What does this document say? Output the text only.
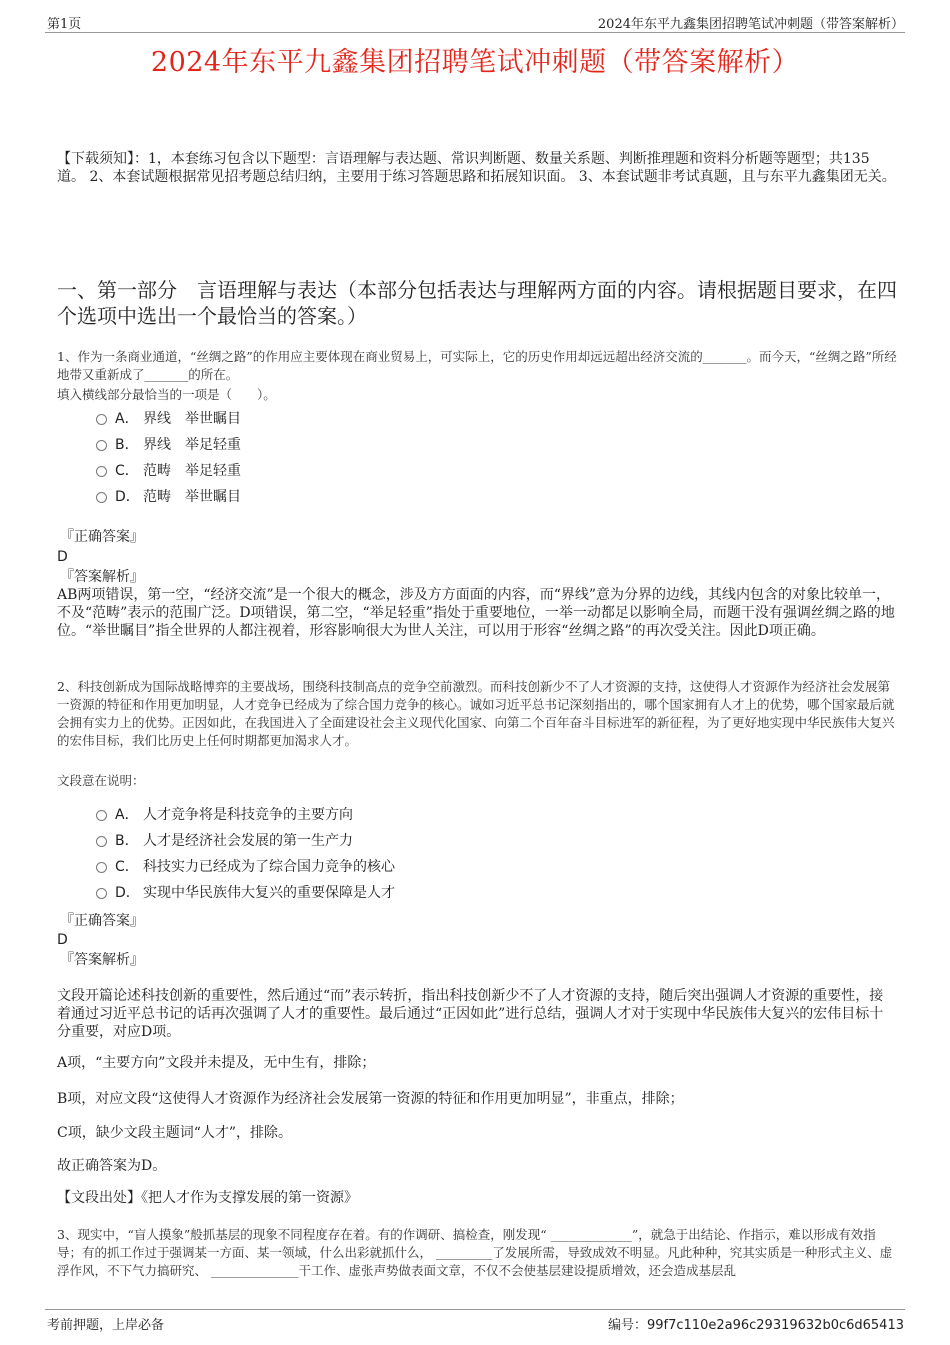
第1页	2024年东平九鑫集团招聘笔试冲刺题（带答案解析）
2024年东平九鑫集团招聘笔试冲刺题（带答案解析）
【下载须知】：1，本套练习包含以下题型：言语理解与表达题、常识判断题、数量关系题、判断推理题和资料分析题等题型；共135道。 2、本套试题根据常见招考题总结归纳，主要用于练习答题思路和拓展知识面。 3、本套试题非考试真题，且与东平九鑫集团无关。
一、第一部分　言语理解与表达（本部分包括表达与理解两方面的内容。请根据题目要求，在四个选项中选出一个最恰当的答案。）
1、作为一条商业通道，“丝绸之路”的作用应主要体现在商业贸易上，可实际上，它的历史作用却远远超出经济交流的_______。而今天，“丝绸之路”所经地带又重新成了_______的所在。
填入横线部分最恰当的一项是（　　）。
A． 界线　举世瞩目
B． 界线　举足轻重
C． 范畴　举足轻重
D． 范畴　举世瞩目
『正确答案』
D
『答案解析』
AB两项错误，第一空，“经济交流”是一个很大的概念，涉及方方面面的内容，而“界线”意为分界的边线，其线内包含的对象比较单一，不及“范畴”表示的范围广泛。D项错误，第二空，“举足轻重”指处于重要地位，一举一动都足以影响全局，而题干没有强调丝绸之路的地位。“举世瞩目”指全世界的人都注视着，形容影响很大为世人关注，可以用于形容“丝绸之路”的再次受关注。因此D项正确。
2、科技创新成为国际战略博弈的主要战场，围绕科技制高点的竞争空前激烈。而科技创新少不了人才资源的支持，这使得人才资源作为经济社会发展第一资源的特征和作用更加明显，人才竞争已经成为了综合国力竞争的核心。诚如习近平总书记深刻指出的，哪个国家拥有人才上的优势，哪个国家最后就会拥有实力上的优势。正因如此，在我国进入了全面建设社会主义现代化国家、向第二个百年奋斗目标进军的新征程，为了更好地实现中华民族伟大复兴的宏伟目标，我们比历史上任何时期都更加渴求人才。
文段意在说明：
A． 人才竞争将是科技竞争的主要方向
B． 人才是经济社会发展的第一生产力
C． 科技实力已经成为了综合国力竞争的核心
D． 实现中华民族伟大复兴的重要保障是人才
『正确答案』
D
『答案解析』
文段开篇论述科技创新的重要性，然后通过“而”表示转折，指出科技创新少不了人才资源的支持，随后突出强调人才资源的重要性，接着通过习近平总书记的话再次强调了人才的重要性。最后通过“正因如此”进行总结，强调人才对于实现中华民族伟大复兴的宏伟目标十分重要，对应D项。
A项，“主要方向”文段并未提及，无中生有，排除；
B项，对应文段“这使得人才资源作为经济社会发展第一资源的特征和作用更加明显”，非重点，排除；
C项，缺少文段主题词“人才”，排除。
故正确答案为D。
【文段出处】《把人才作为支撑发展的第一资源》
3、现实中，“盲人摸象”般抓基层的现象不同程度存在着。有的作调研、搞检查，刚发现“ _____________”，就急于出结论、作指示，难以形成有效指导；有的抓工作过于强调某一方面、某一领域，什么出彩就抓什么， _________了发展所需，导致成效不明显。凡此种种，究其实质是一种形式主义、虚浮作风，不下气力搞研究、 ______________干工作、虚张声势做表面文章，不仅不会使基层建设提质增效，还会造成基层乱
考前押题，上岸必备	编号：99f7c110e2a96c29319632b0c6d65413
